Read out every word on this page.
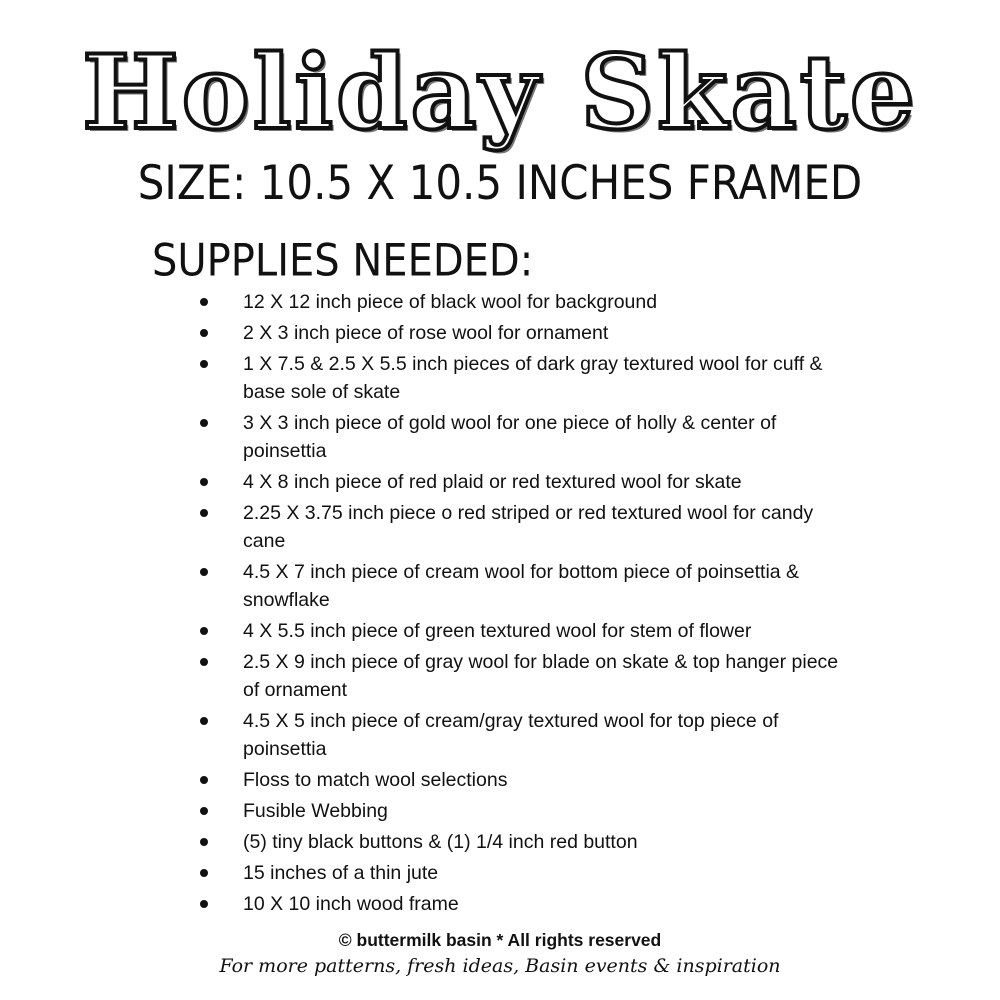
Holiday Skate
SIZE: 10.5 X 10.5 INCHES FRAMED
SUPPLIES NEEDED:
12 X 12 inch piece of black wool for background
2 X 3 inch piece of rose wool for ornament
1 X 7.5 & 2.5 X 5.5 inch pieces of dark gray textured wool for cuff & base sole of skate
3 X 3 inch piece of gold wool for one piece of holly & center of poinsettia
4 X 8 inch piece of red plaid or red textured wool for skate
2.25 X 3.75 inch piece o red striped or red textured wool for candy cane
4.5 X 7 inch piece of cream wool for bottom piece of poinsettia & snowflake
4 X 5.5 inch piece of green textured wool for stem of flower
2.5 X 9 inch piece of gray wool for blade on skate & top hanger piece of ornament
4.5 X 5 inch piece of cream/gray textured wool for top piece of poinsettia
Floss to match wool selections
Fusible Webbing
(5) tiny black buttons & (1) 1/4 inch red button
15 inches of a thin jute
10 X 10 inch wood frame
© buttermilk basin * All rights reserved
For more patterns, fresh ideas, Basin events & inspiration
